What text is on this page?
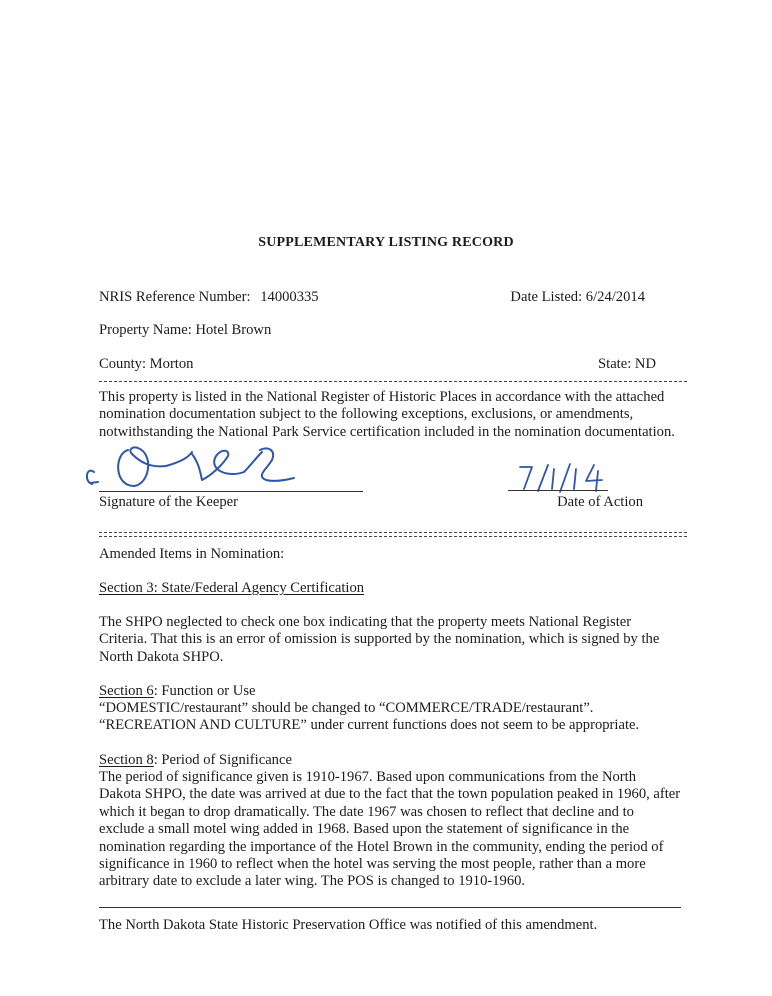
SUPPLEMENTARY LISTING RECORD
NRIS Reference Number: 14000335	Date Listed: 6/24/2014
Property Name: Hotel Brown
County: Morton	State: ND
This property is listed in the National Register of Historic Places in accordance with the attached
nomination documentation subject to the following exceptions, exclusions, or amendments,
notwithstanding the National Park Service certification included in the nomination documentation.
Signature of the Keeper	Date of Action
Amended Items in Nomination:
Section 3: State/Federal Agency Certification
The SHPO neglected to check one box indicating that the property meets National Register
Criteria. That this is an error of omission is supported by the nomination, which is signed by the
North Dakota SHPO.
Section 6: Function or Use
“DOMESTIC/restaurant” should be changed to “COMMERCE/TRADE/restaurant”.
“RECREATION AND CULTURE” under current functions does not seem to be appropriate.
Section 8: Period of Significance
The period of significance given is 1910-1967. Based upon communications from the North
Dakota SHPO, the date was arrived at due to the fact that the town population peaked in 1960, after
which it began to drop dramatically. The date 1967 was chosen to reflect that decline and to
exclude a small motel wing added in 1968. Based upon the statement of significance in the
nomination regarding the importance of the Hotel Brown in the community, ending the period of
significance in 1960 to reflect when the hotel was serving the most people, rather than a more
arbitrary date to exclude a later wing. The POS is changed to 1910-1960.
The North Dakota State Historic Preservation Office was notified of this amendment.
